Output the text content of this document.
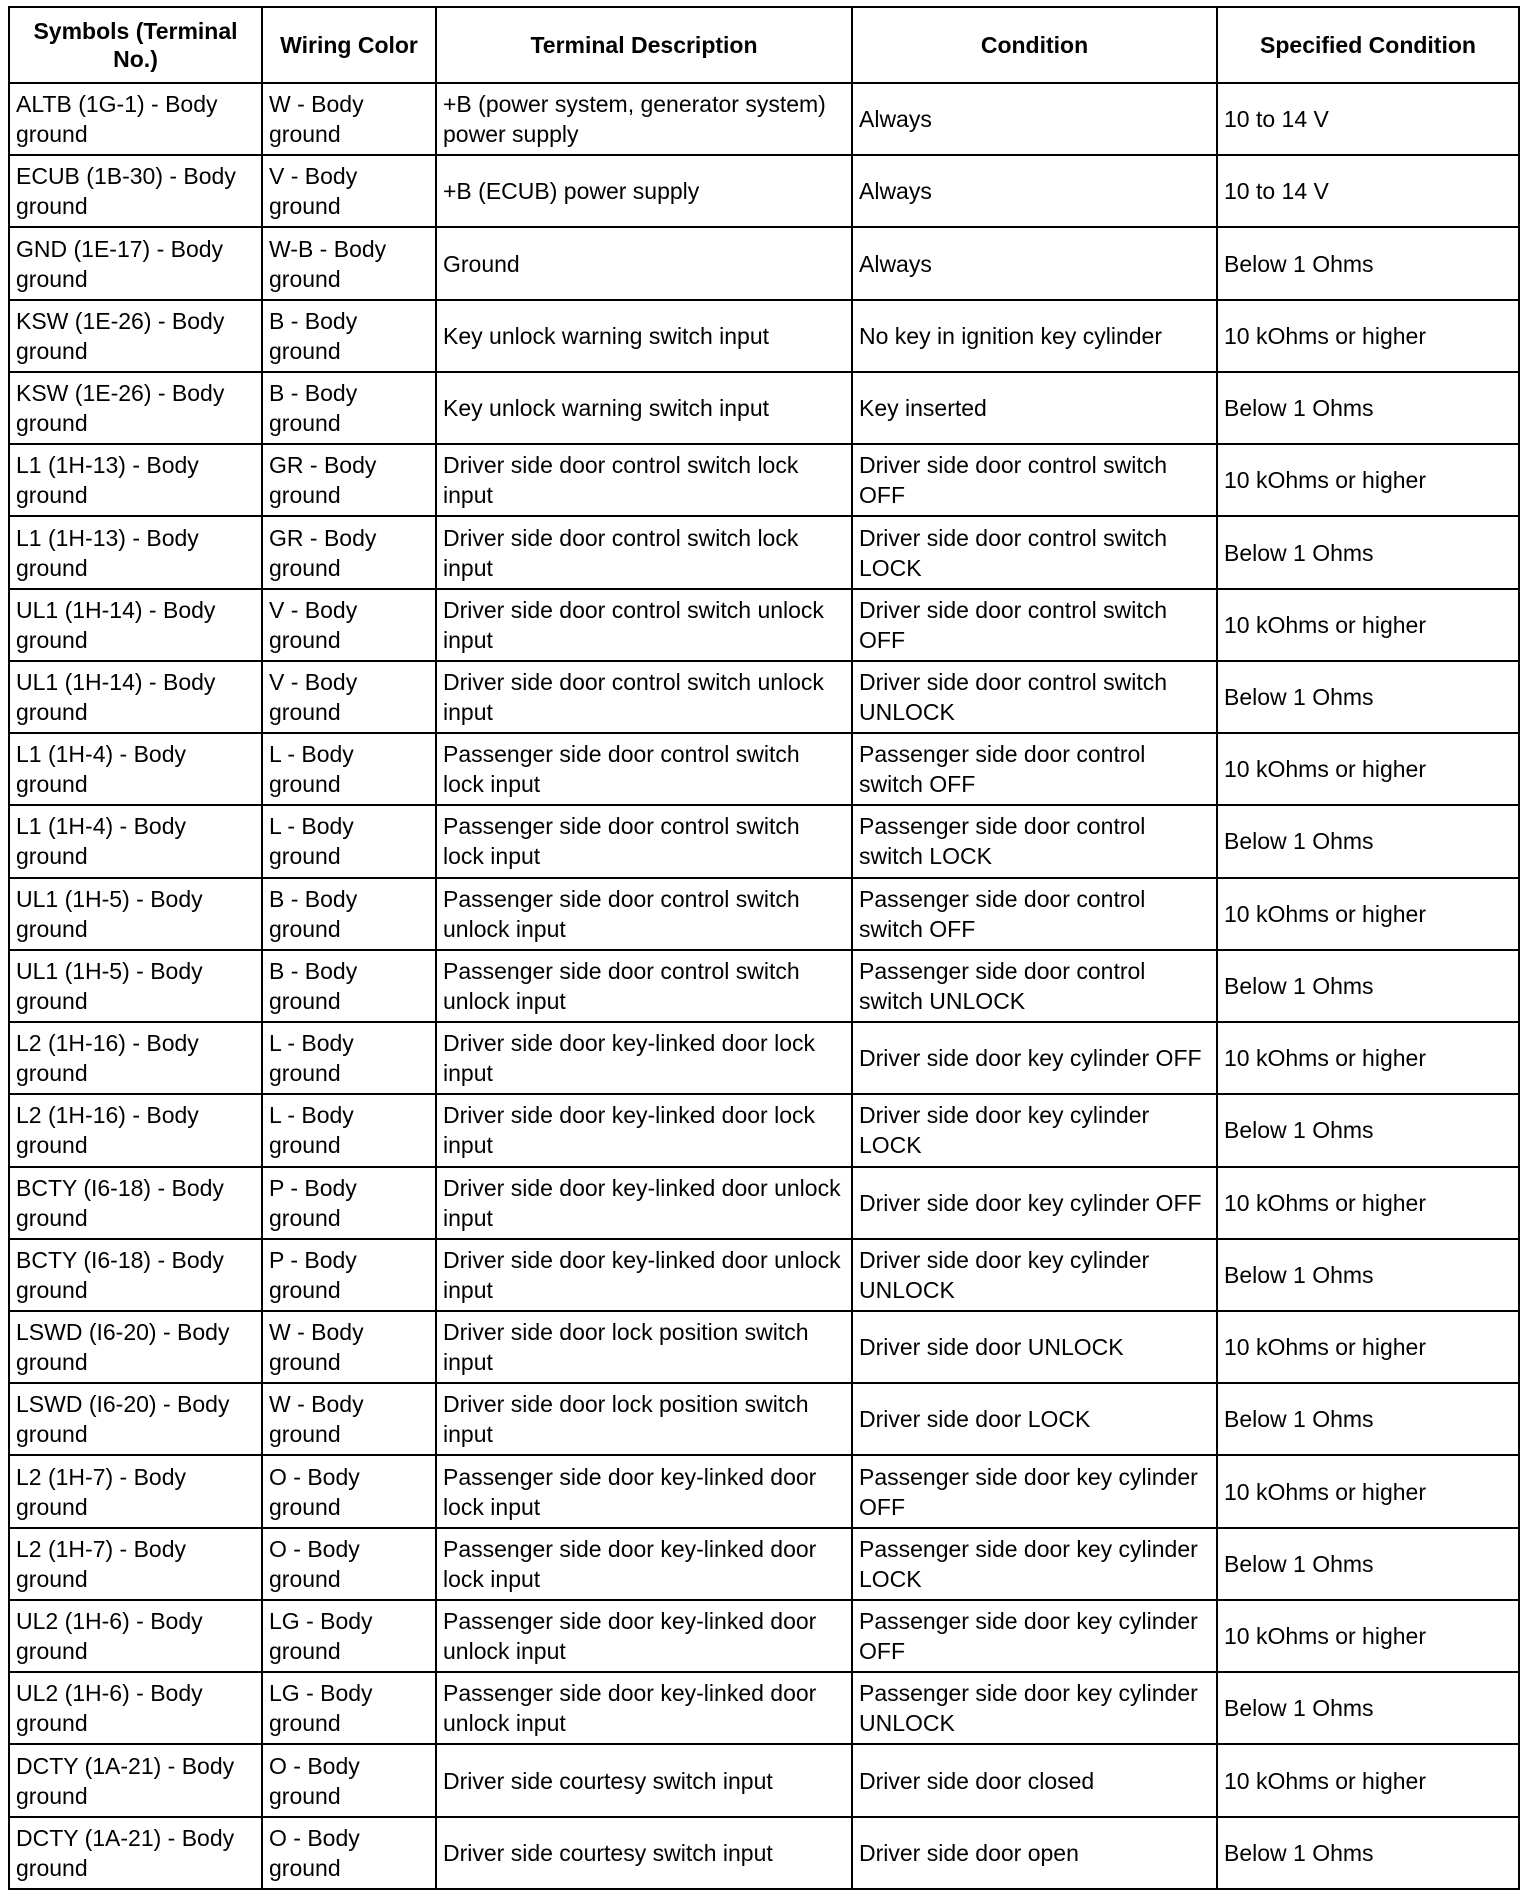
Symbols (Terminal No.)	Wiring Color	Terminal Description	Condition	Specified Condition
ALTB (1G-1) - Body ground	W - Body ground	+B (power system, generator system) power supply	Always	10 to 14 V
ECUB (1B-30) - Body ground	V - Body ground	+B (ECUB) power supply	Always	10 to 14 V
GND (1E-17) - Body ground	W-B - Body ground	Ground	Always	Below 1 Ohms
KSW (1E-26) - Body ground	B - Body ground	Key unlock warning switch input	No key in ignition key cylinder	10 kOhms or higher
KSW (1E-26) - Body ground	B - Body ground	Key unlock warning switch input	Key inserted	Below 1 Ohms
L1 (1H-13) - Body ground	GR - Body ground	Driver side door control switch lock input	Driver side door control switch OFF	10 kOhms or higher
L1 (1H-13) - Body ground	GR - Body ground	Driver side door control switch lock input	Driver side door control switch LOCK	Below 1 Ohms
UL1 (1H-14) - Body ground	V - Body ground	Driver side door control switch unlock input	Driver side door control switch OFF	10 kOhms or higher
UL1 (1H-14) - Body ground	V - Body ground	Driver side door control switch unlock input	Driver side door control switch UNLOCK	Below 1 Ohms
L1 (1H-4) - Body ground	L - Body ground	Passenger side door control switch lock input	Passenger side door control switch OFF	10 kOhms or higher
L1 (1H-4) - Body ground	L - Body ground	Passenger side door control switch lock input	Passenger side door control switch LOCK	Below 1 Ohms
UL1 (1H-5) - Body ground	B - Body ground	Passenger side door control switch unlock input	Passenger side door control switch OFF	10 kOhms or higher
UL1 (1H-5) - Body ground	B - Body ground	Passenger side door control switch unlock input	Passenger side door control switch UNLOCK	Below 1 Ohms
L2 (1H-16) - Body ground	L - Body ground	Driver side door key-linked door lock input	Driver side door key cylinder OFF	10 kOhms or higher
L2 (1H-16) - Body ground	L - Body ground	Driver side door key-linked door lock input	Driver side door key cylinder LOCK	Below 1 Ohms
BCTY (I6-18) - Body ground	P - Body ground	Driver side door key-linked door unlock input	Driver side door key cylinder OFF	10 kOhms or higher
BCTY (I6-18) - Body ground	P - Body ground	Driver side door key-linked door unlock input	Driver side door key cylinder UNLOCK	Below 1 Ohms
LSWD (I6-20) - Body ground	W - Body ground	Driver side door lock position switch input	Driver side door UNLOCK	10 kOhms or higher
LSWD (I6-20) - Body ground	W - Body ground	Driver side door lock position switch input	Driver side door LOCK	Below 1 Ohms
L2 (1H-7) - Body ground	O - Body ground	Passenger side door key-linked door lock input	Passenger side door key cylinder OFF	10 kOhms or higher
L2 (1H-7) - Body ground	O - Body ground	Passenger side door key-linked door lock input	Passenger side door key cylinder LOCK	Below 1 Ohms
UL2 (1H-6) - Body ground	LG - Body ground	Passenger side door key-linked door unlock input	Passenger side door key cylinder OFF	10 kOhms or higher
UL2 (1H-6) - Body ground	LG - Body ground	Passenger side door key-linked door unlock input	Passenger side door key cylinder UNLOCK	Below 1 Ohms
DCTY (1A-21) - Body ground	O - Body ground	Driver side courtesy switch input	Driver side door closed	10 kOhms or higher
DCTY (1A-21) - Body ground	O - Body ground	Driver side courtesy switch input	Driver side door open	Below 1 Ohms
